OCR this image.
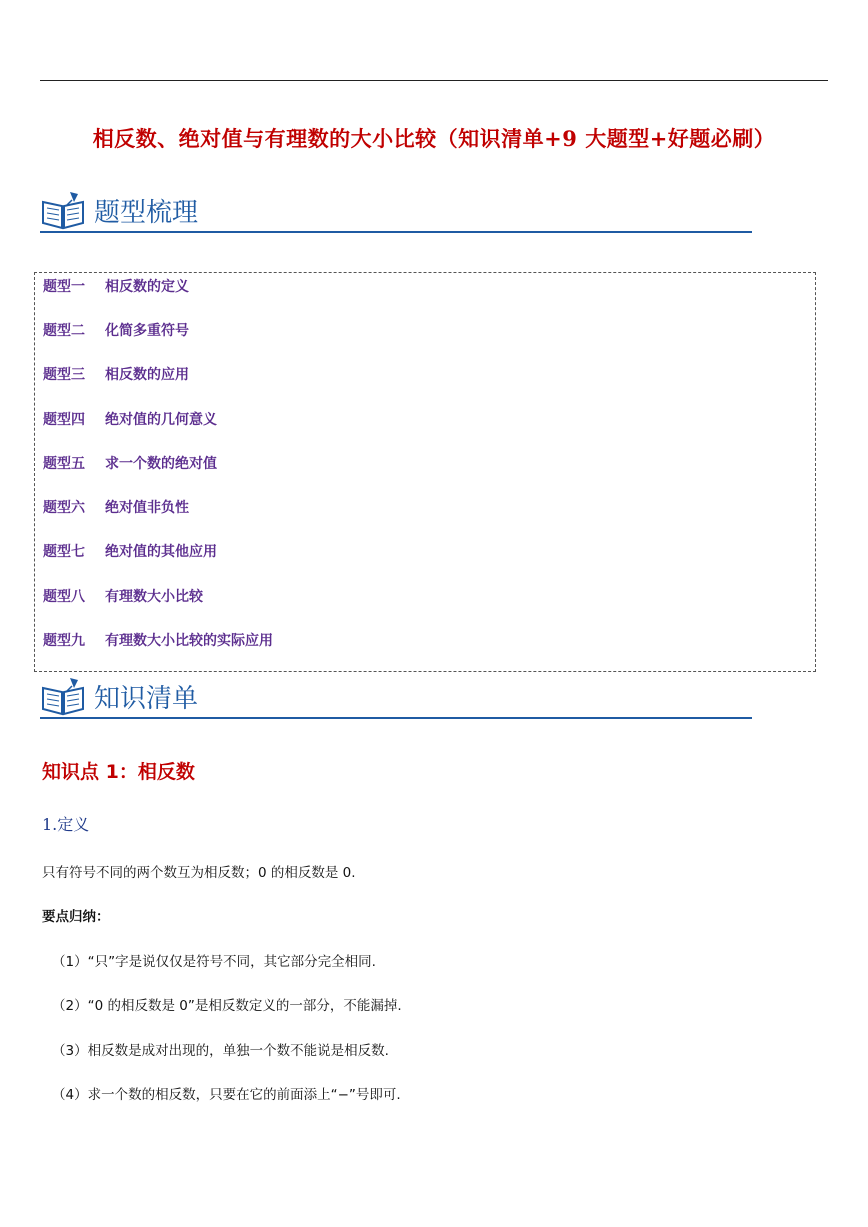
相反数、绝对值与有理数的大小比较（知识清单+9 大题型+好题必刷）
题型梳理
题型一 相反数的定义
题型二 化简多重符号
题型三 相反数的应用
题型四 绝对值的几何意义
题型五 求一个数的绝对值
题型六 绝对值非负性
题型七 绝对值的其他应用
题型八 有理数大小比较
题型九 有理数大小比较的实际应用
知识清单
知识点 1：相反数
1.定义
只有符号不同的两个数互为相反数；0 的相反数是 0.
要点归纳：
（1）“只”字是说仅仅是符号不同，其它部分完全相同.
（2）“0 的相反数是 0”是相反数定义的一部分，不能漏掉.
（3）相反数是成对出现的，单独一个数不能说是相反数.
（4）求一个数的相反数，只要在它的前面添上“−”号即可.
